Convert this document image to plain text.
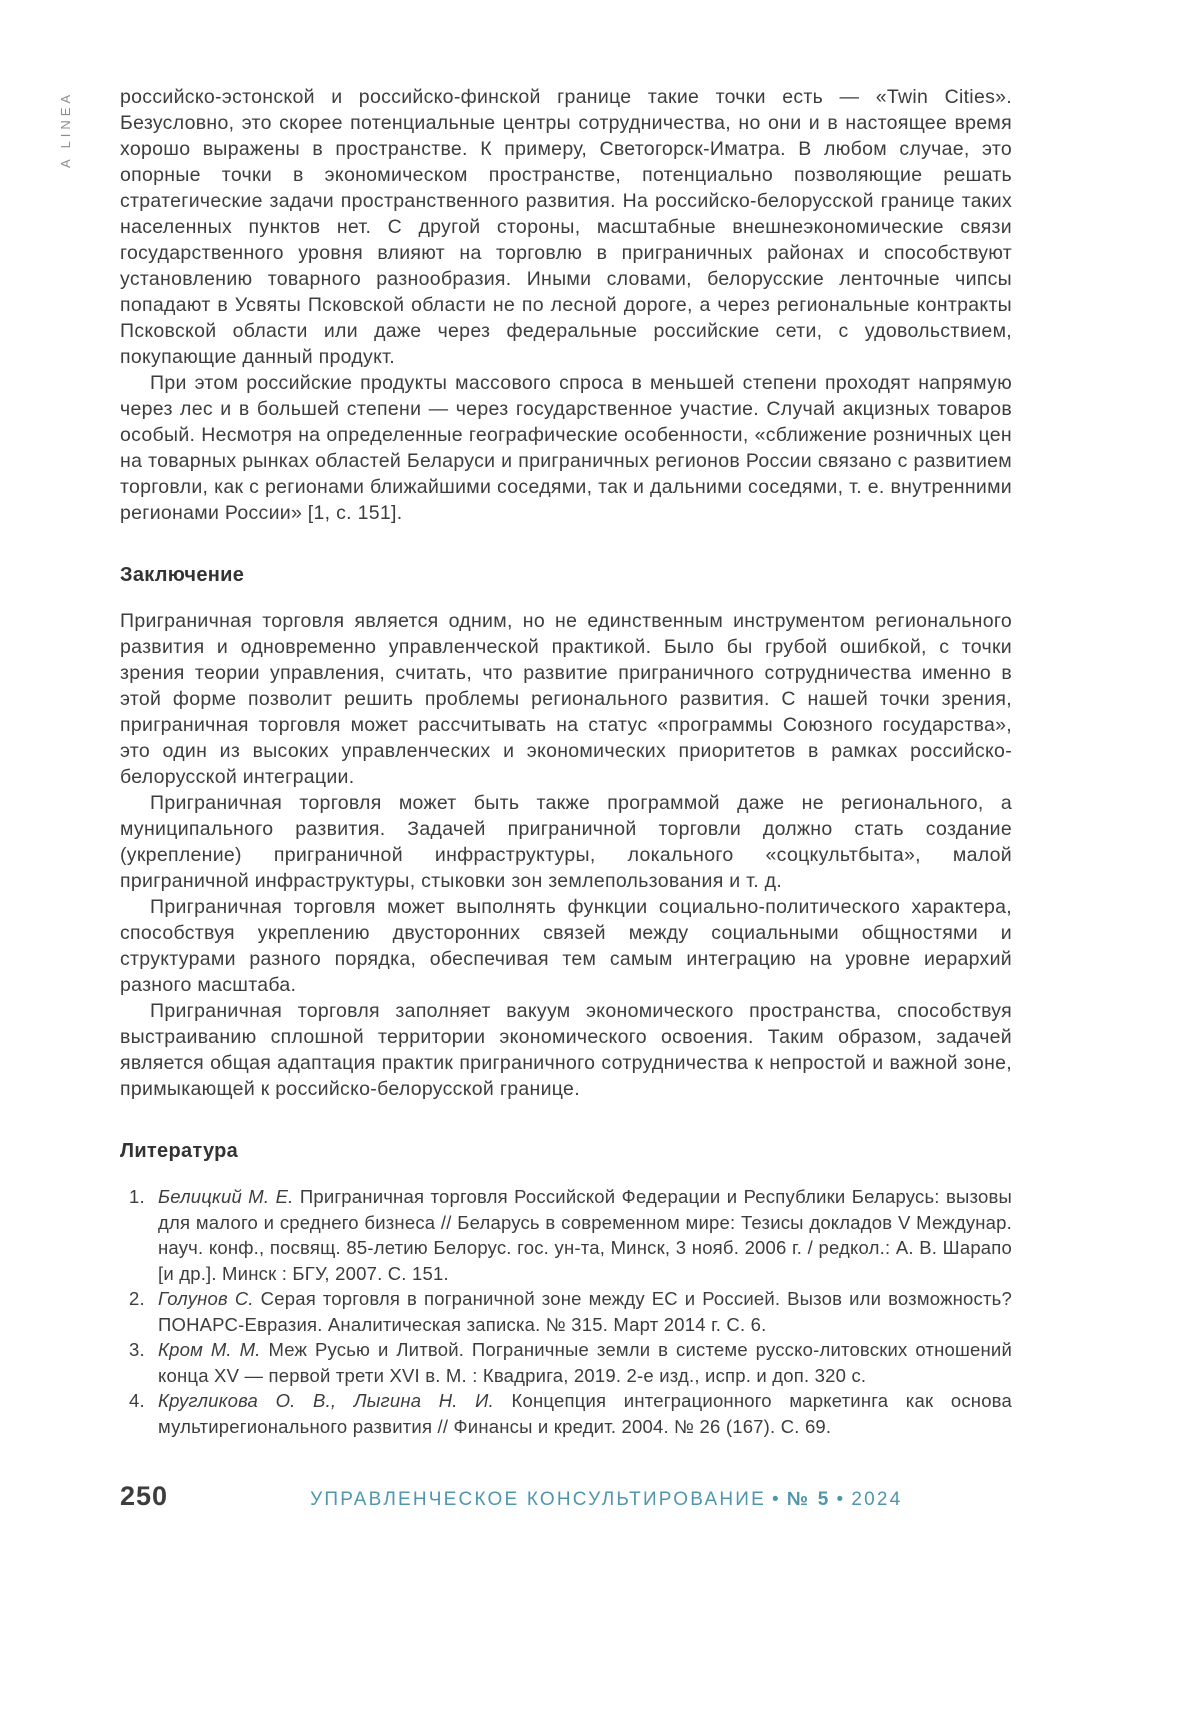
A LINEA российско-эстонской и российско-финской границе такие точки есть — «Twin Cities». Безусловно, это скорее потенциальные центры сотрудничества, но они и в настоящее время хорошо выражены в пространстве. К примеру, Светогорск-Иматра. В любом случае, это опорные точки в экономическом пространстве, потенциально позволяющие решать стратегические задачи пространственного развития. На российско-белорусской границе таких населенных пунктов нет. С другой стороны, масштабные внешнеэкономические связи государственного уровня влияют на торговлю в приграничных районах и способствуют установлению товарного разнообразия. Иными словами, белорусские ленточные чипсы попадают в Усвяты Псковской области не по лесной дороге, а через региональные контракты Псковской области или даже через федеральные российские сети, с удовольствием, покупающие данный продукт.

При этом российские продукты массового спроса в меньшей степени проходят напрямую через лес и в большей степени — через государственное участие. Случай акцизных товаров особый. Несмотря на определенные географические особенности, «сближение розничных цен на товарных рынках областей Беларуси и приграничных регионов России связано с развитием торговли, как с регионами ближайшими соседями, так и дальними соседями, т. е. внутренними регионами России» [1, с. 151].

Заключение

Приграничная торговля является одним, но не единственным инструментом регионального развития и одновременно управленческой практикой. Было бы грубой ошибкой, с точки зрения теории управления, считать, что развитие приграничного сотрудничества именно в этой форме позволит решить проблемы регионального развития. С нашей точки зрения, приграничная торговля может рассчитывать на статус «программы Союзного государства», это один из высоких управленческих и экономических приоритетов в рамках российско-белорусской интеграции.

Приграничная торговля может быть также программой даже не регионального, а муниципального развития. Задачей приграничной торговли должно стать создание (укрепление) приграничной инфраструктуры, локального «соцкультбыта», малой приграничной инфраструктуры, стыковки зон землепользования и т. д.

Приграничная торговля может выполнять функции социально-политического характера, способствуя укреплению двусторонних связей между социальными общностями и структурами разного порядка, обеспечивая тем самым интеграцию на уровне иерархий разного масштаба.

Приграничная торговля заполняет вакуум экономического пространства, способствуя выстраиванию сплошной территории экономического освоения. Таким образом, задачей является общая адаптация практик приграничного сотрудничества к непростой и важной зоне, примыкающей к российско-белорусской границе.

Литература
1. Белицкий М. Е. Приграничная торговля Российской Федерации и Республики Беларусь: вызовы для малого и среднего бизнеса // Беларусь в современном мире: Тезисы докладов V Междунар. науч. конф., посвящ. 85-летию Белорус. гос. ун-та, Минск, 3 нояб. 2006 г. / редкол.: А. В. Шарапо [и др.]. Минск : БГУ, 2007. С. 151.
2. Голунов С. Серая торговля в пограничной зоне между ЕС и Россией. Вызов или возможность? ПОНАРС-Евразия. Аналитическая записка. № 315. Март 2014 г. С. 6.
3. Кром М. М. Меж Русью и Литвой. Пограничные земли в системе русско-литовских отношений конца XV — первой трети XVI в. М. : Квадрига, 2019. 2-е изд., испр. и доп. 320 с.
4. Кругликова О. В., Лыгина Н. И. Концепция интеграционного маркетинга как основа мультирегионального развития // Финансы и кредит. 2004. № 26 (167). С. 69.
250	УПРАВЛЕНЧЕСКОЕ КОНСУЛЬТИРОВАНИЕ • № 5 • 2024
